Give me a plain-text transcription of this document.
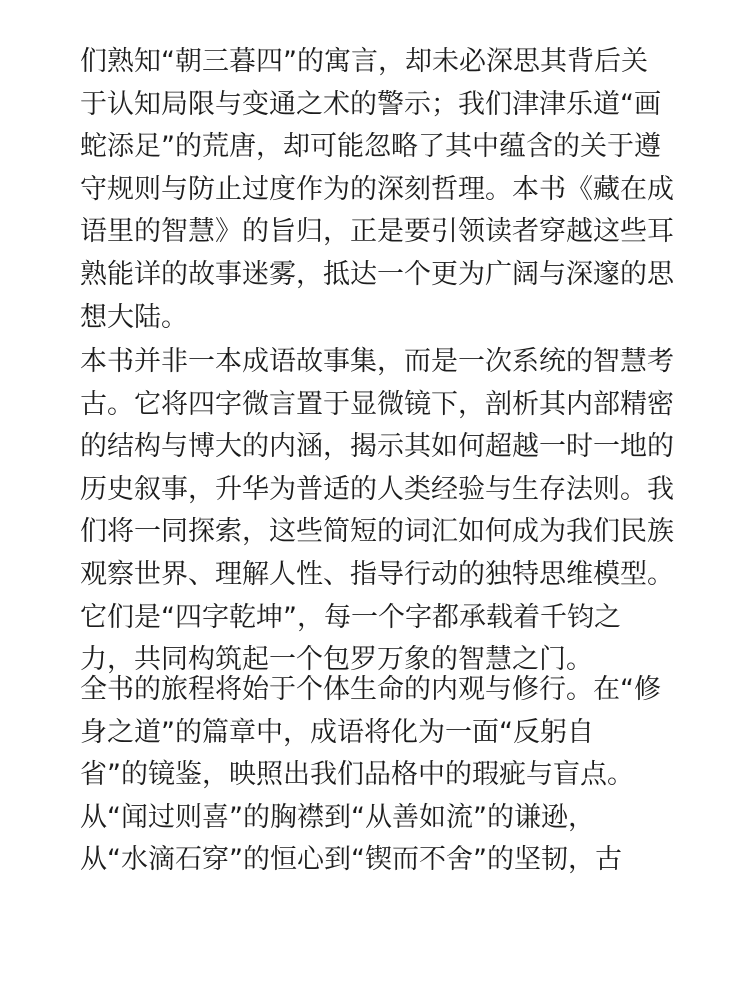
们熟知“朝三暮四”的寓言，却未必深思其背后关
于认知局限与变通之术的警示；我们津津乐道“画
蛇添足”的荒唐，却可能忽略了其中蕴含的关于遵
守规则与防止过度作为的深刻哲理。本书《藏在成
语里的智慧》的旨归，正是要引领读者穿越这些耳
熟能详的故事迷雾，抵达一个更为广阔与深邃的思
想大陆。
本书并非一本成语故事集，而是一次系统的智慧考
古。它将四字微言置于显微镜下，剖析其内部精密
的结构与博大的内涵，揭示其如何超越一时一地的
历史叙事，升华为普适的人类经验与生存法则。我
们将一同探索，这些简短的词汇如何成为我们民族
观察世界、理解人性、指导行动的独特思维模型。
它们是“四字乾坤”，每一个字都承载着千钧之
力，共同构筑起一个包罗万象的智慧之门。
全书的旅程将始于个体生命的内观与修行。在“修
身之道”的篇章中，成语将化为一面“反躬自
省”的镜鉴，映照出我们品格中的瑕疵与盲点。
从“闻过则喜”的胸襟到“从善如流”的谦逊，
从“水滴石穿”的恒心到“锲而不舍”的坚韧，古
